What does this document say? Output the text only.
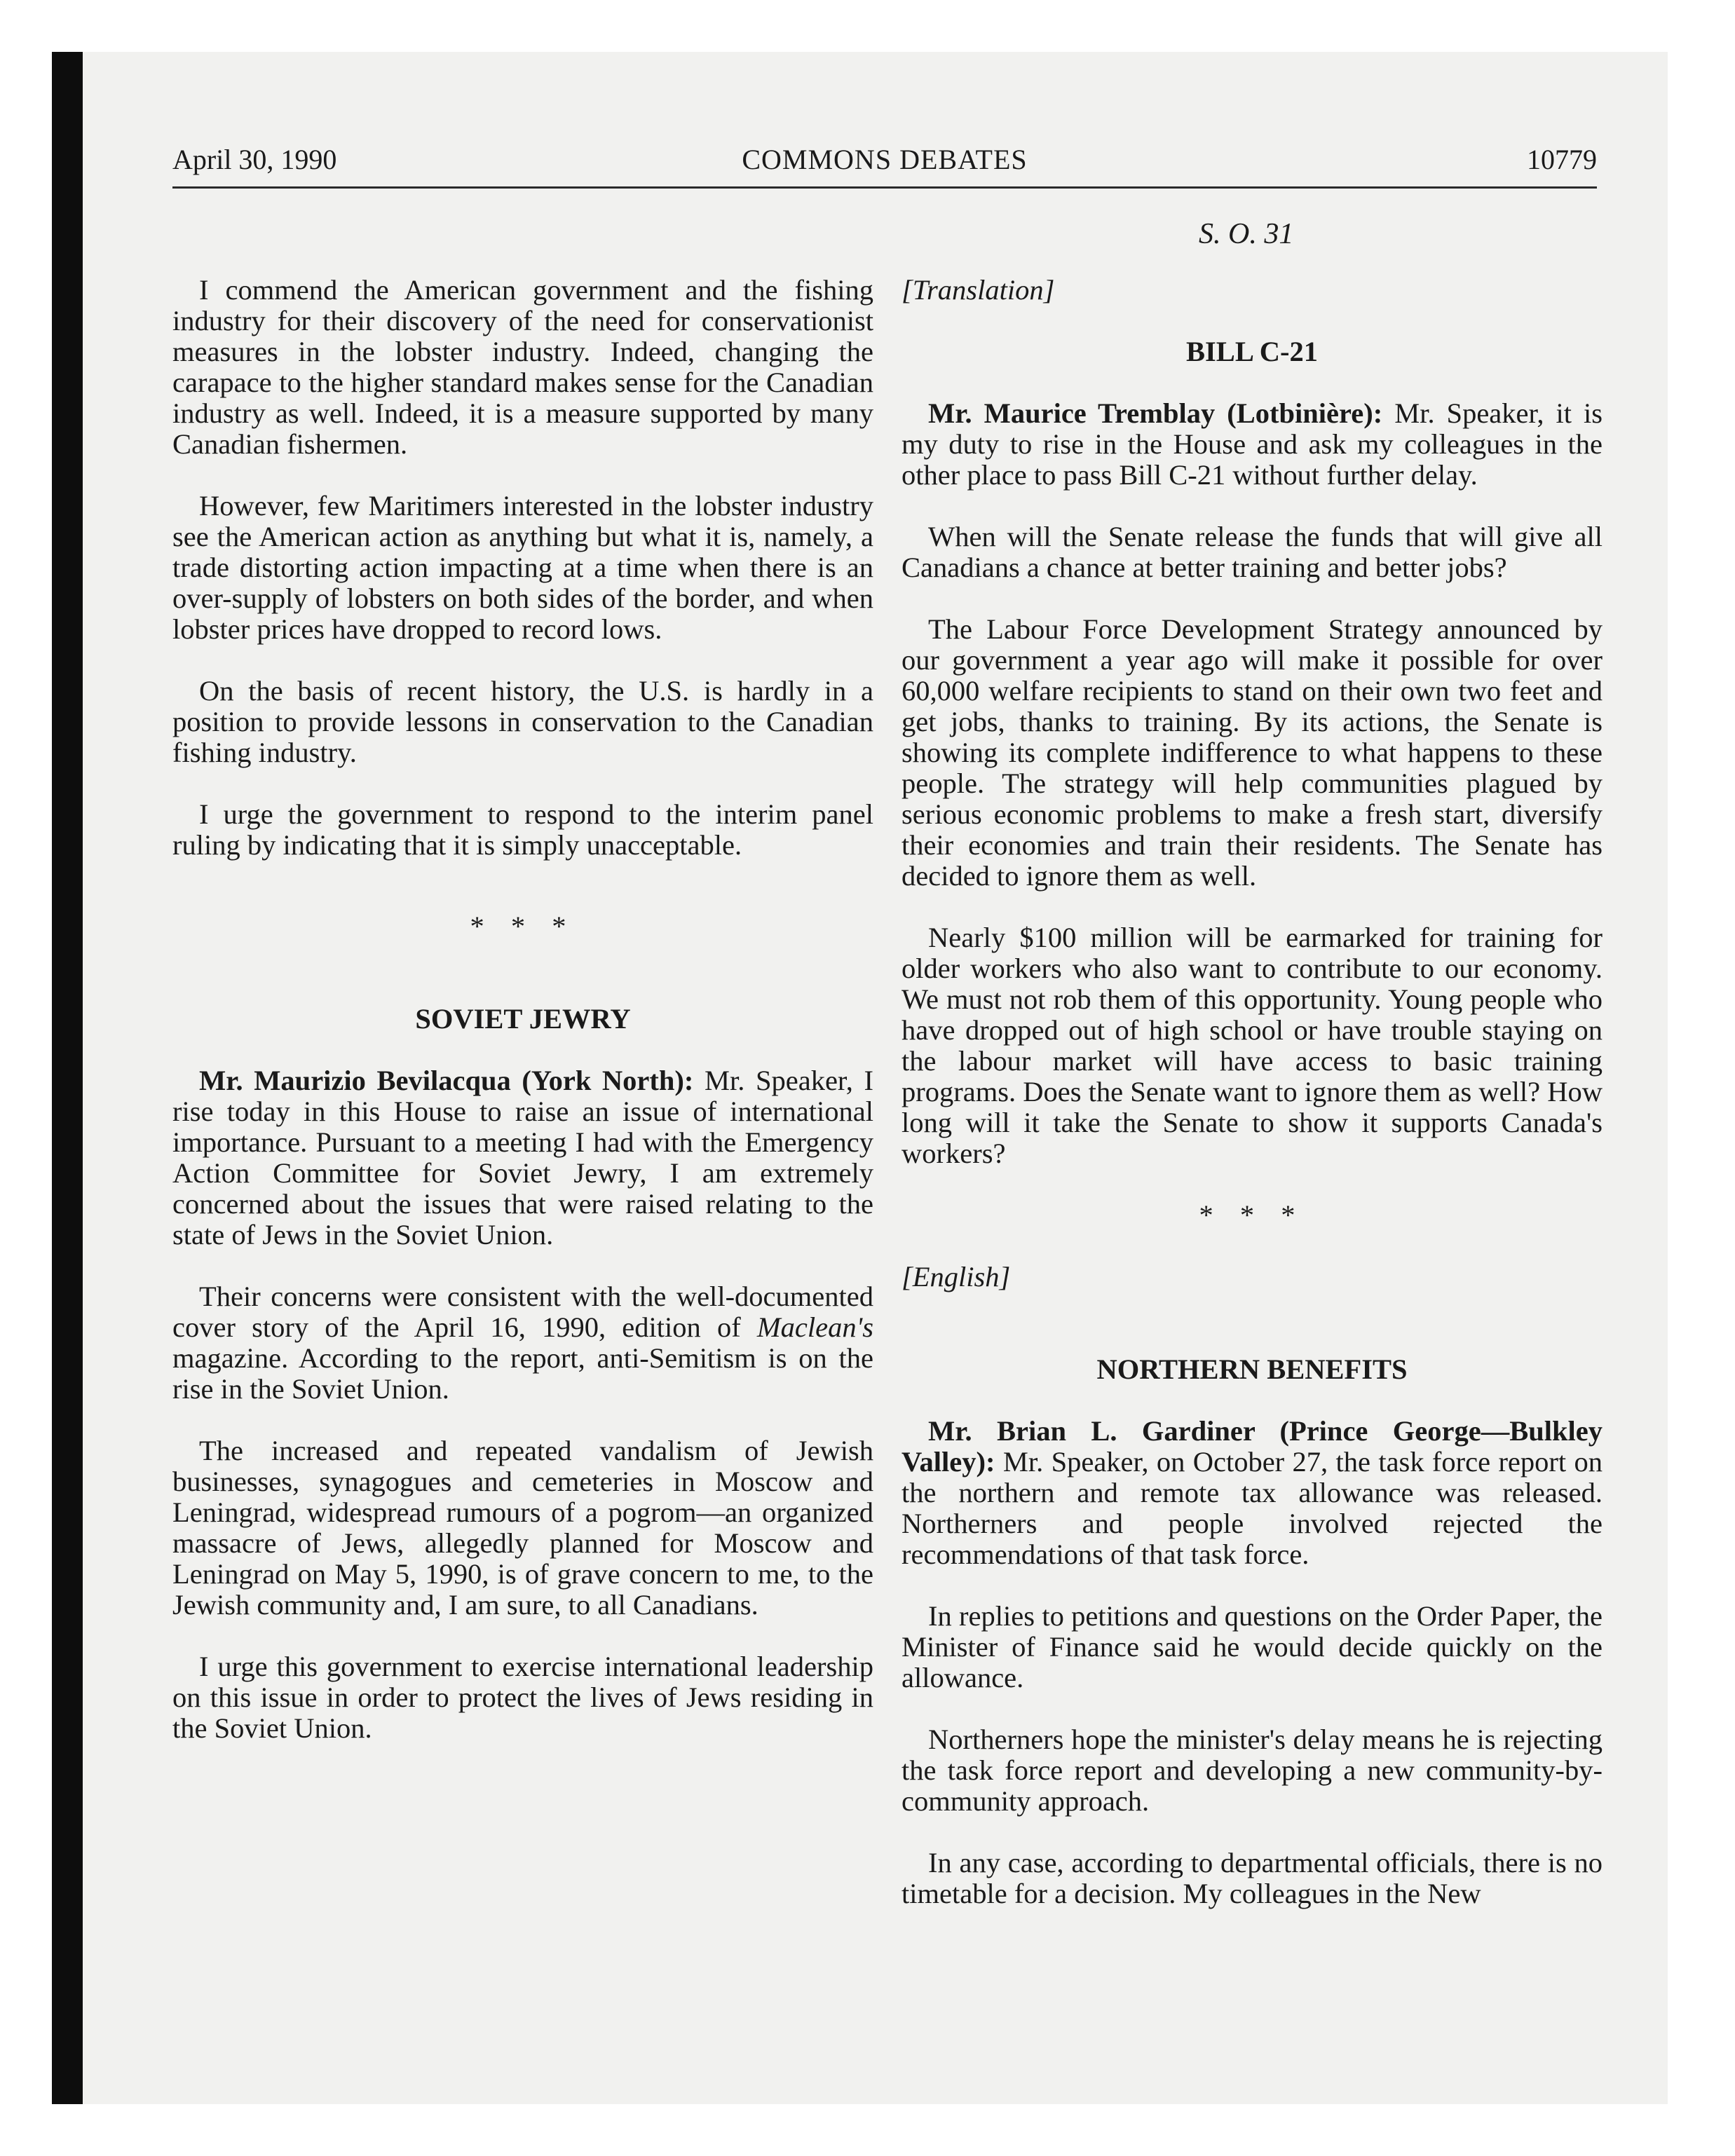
April 30, 1990	COMMONS DEBATES	10779
S. O. 31

I commend the American government and the fishing industry for their discovery of the need for conservationist measures in the lobster industry. Indeed, changing the carapace to the higher standard makes sense for the Canadian industry as well. Indeed, it is a measure supported by many Canadian fishermen.

However, few Maritimers interested in the lobster industry see the American action as anything but what it is, namely, a trade distorting action impacting at a time when there is an over-supply of lobsters on both sides of the border, and when lobster prices have dropped to record lows.

On the basis of recent history, the U.S. is hardly in a position to provide lessons in conservation to the Canadian fishing industry.

I urge the government to respond to the interim panel ruling by indicating that it is simply unacceptable.

* * *
SOVIET JEWRY

Mr. Maurizio Bevilacqua (York North): Mr. Speaker, I rise today in this House to raise an issue of international importance. Pursuant to a meeting I had with the Emergency Action Committee for Soviet Jewry, I am extremely concerned about the issues that were raised relating to the state of Jews in the Soviet Union.

Their concerns were consistent with the well-documented cover story of the April 16, 1990, edition of Maclean's magazine. According to the report, anti-Semitism is on the rise in the Soviet Union.

The increased and repeated vandalism of Jewish businesses, synagogues and cemeteries in Moscow and Leningrad, widespread rumours of a pogrom—an organized massacre of Jews, allegedly planned for Moscow and Leningrad on May 5, 1990, is of grave concern to me, to the Jewish community and, I am sure, to all Canadians.

I urge this government to exercise international leadership on this issue in order to protect the lives of Jews residing in the Soviet Union.

[Translation]
BILL C-21

Mr. Maurice Tremblay (Lotbinière): Mr. Speaker, it is my duty to rise in the House and ask my colleagues in the other place to pass Bill C-21 without further delay.

When will the Senate release the funds that will give all Canadians a chance at better training and better jobs?

The Labour Force Development Strategy announced by our government a year ago will make it possible for over 60,000 welfare recipients to stand on their own two feet and get jobs, thanks to training. By its actions, the Senate is showing its complete indifference to what happens to these people. The strategy will help communities plagued by serious economic problems to make a fresh start, diversify their economies and train their residents. The Senate has decided to ignore them as well.

Nearly $100 million will be earmarked for training for older workers who also want to contribute to our economy. We must not rob them of this opportunity. Young people who have dropped out of high school or have trouble staying on the labour market will have access to basic training programs. Does the Senate want to ignore them as well? How long will it take the Senate to show it supports Canada's workers?

* * *
[English]
NORTHERN BENEFITS

Mr. Brian L. Gardiner (Prince George—Bulkley Valley): Mr. Speaker, on October 27, the task force report on the northern and remote tax allowance was released. Northerners and people involved rejected the recommendations of that task force.

In replies to petitions and questions on the Order Paper, the Minister of Finance said he would decide quickly on the allowance.

Northerners hope the minister's delay means he is rejecting the task force report and developing a new community-by-community approach.

In any case, according to departmental officials, there is no timetable for a decision. My colleagues in the New
